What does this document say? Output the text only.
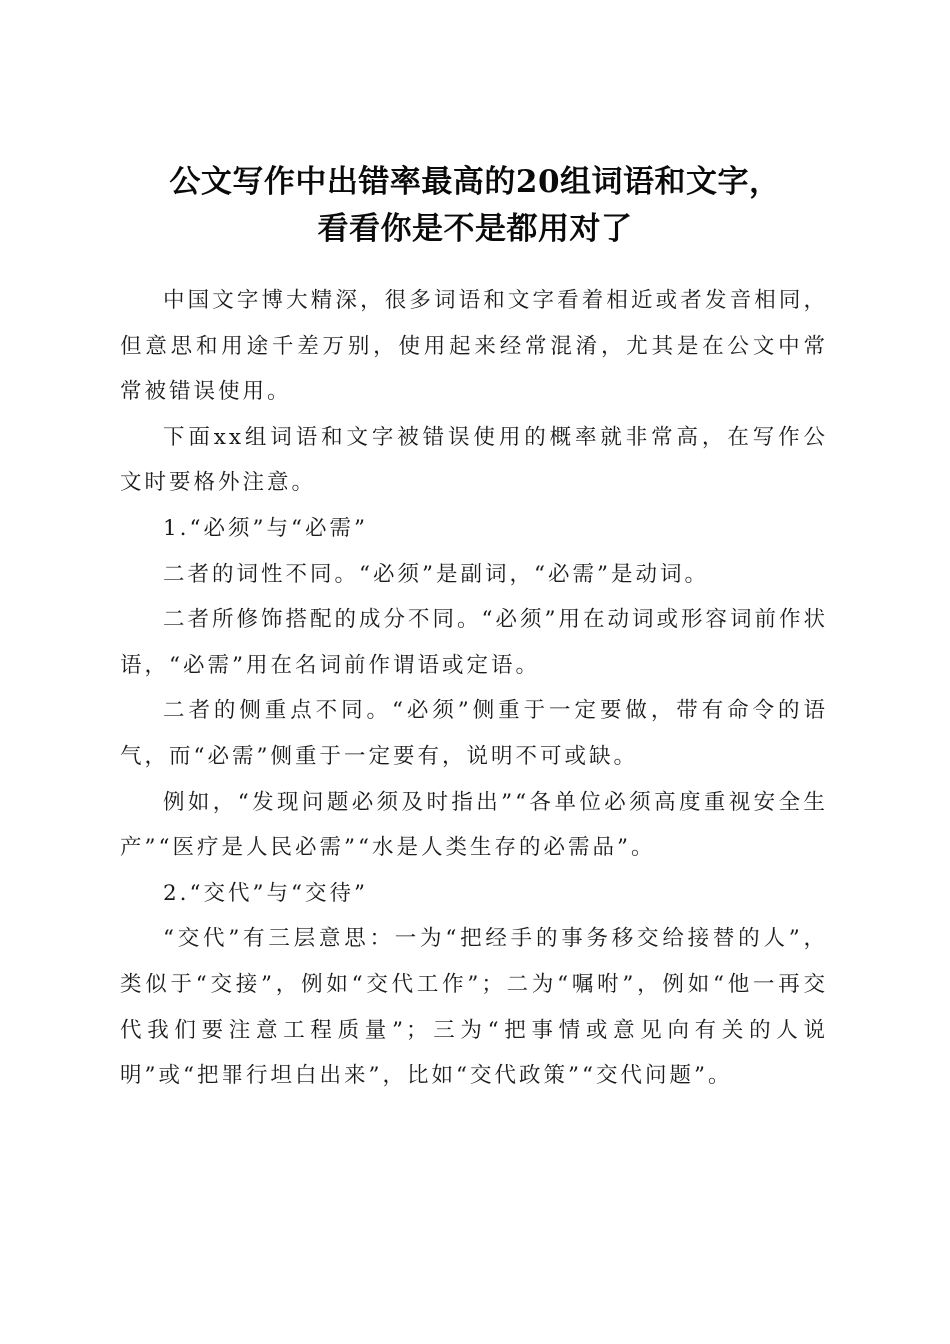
公文写作中出错率最高的20组词语和文字，
看看你是不是都用对了

中国文字博大精深，很多词语和文字看着相近或者发音相同，但意思和用途千差万别，使用起来经常混淆，尤其是在公文中常常被错误使用。

下面xx组词语和文字被错误使用的概率就非常高，在写作公文时要格外注意。

1.“必须”与“必需”

二者的词性不同。“必须”是副词，“必需”是动词。

二者所修饰搭配的成分不同。“必须”用在动词或形容词前作状语，“必需”用在名词前作谓语或定语。

二者的侧重点不同。“必须”侧重于一定要做，带有命令的语气，而“必需”侧重于一定要有，说明不可或缺。

例如，“发现问题必须及时指出”“各单位必须高度重视安全生产”“医疗是人民必需”“水是人类生存的必需品”。

2.“交代”与“交待”

“交代”有三层意思：一为“把经手的事务移交给接替的人”，类似于“交接”，例如“交代工作”；二为“嘱咐”，例如“他一再交代我们要注意工程质量”；三为“把事情或意见向有关的人说明”或“把罪行坦白出来”，比如“交代政策”“交代问题”。
